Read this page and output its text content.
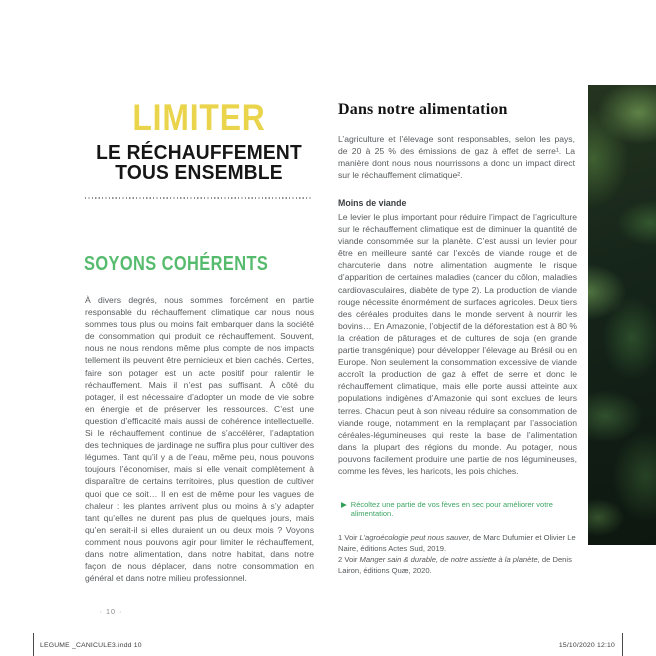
LIMITER
LE RÉCHAUFFEMENT
TOUS ENSEMBLE
SOYONS COHÉRENTS
À divers degrés, nous sommes forcément en partie responsable du réchauffement climatique car nous nous sommes tous plus ou moins fait embarquer dans la société de consommation qui produit ce réchauffement. Souvent, nous ne nous rendons même plus compte de nos impacts tellement ils peuvent être pernicieux et bien cachés. Certes, faire son potager est un acte positif pour ralentir le réchauffement. Mais il n’est pas suffisant. À côté du potager, il est nécessaire d’adopter un mode de vie sobre en énergie et de préserver les ressources. C’est une question d’efficacité mais aussi de cohérence intellectuelle. Si le réchauffement continue de s’accélérer, l’adaptation des techniques de jardinage ne suffira plus pour cultiver des légumes. Tant qu’il y a de l’eau, même peu, nous pouvons toujours l’économiser, mais si elle venait complètement à disparaître de certains territoires, plus question de cultiver quoi que ce soit… Il en est de même pour les vagues de chaleur : les plantes arrivent plus ou moins à s’y adapter tant qu’elles ne durent pas plus de quelques jours, mais qu’en serait-il si elles duraient un ou deux mois ? Voyons comment nous pouvons agir pour limiter le réchauffement, dans notre alimentation, dans notre habitat, dans notre façon de nous déplacer, dans notre consommation en général et dans notre milieu professionnel.
· 10 ·
Dans notre alimentation
L’agriculture et l’élevage sont responsables, selon les pays, de 20 à 25 % des émissions de gaz à effet de serre¹. La manière dont nous nous nourrissons a donc un impact direct sur le réchauffement climatique².
Moins de viande
Le levier le plus important pour réduire l’impact de l’agriculture sur le réchauffement climatique est de diminuer la quantité de viande consommée sur la planète. C’est aussi un levier pour être en meilleure santé car l’excès de viande rouge et de charcuterie dans notre alimentation augmente le risque d’apparition de certaines maladies (cancer du côlon, maladies cardiovasculaires, diabète de type 2). La production de viande rouge nécessite énormément de surfaces agricoles. Deux tiers des céréales produites dans le monde servent à nourrir les bovins… En Amazonie, l’objectif de la déforestation est à 80 % la création de pâturages et de cultures de soja (en grande partie transgénique) pour développer l’élevage au Brésil ou en Europe. Non seulement la consommation excessive de viande accroît la production de gaz à effet de serre et donc le réchauffement climatique, mais elle porte aussi atteinte aux populations indigènes d’Amazonie qui sont exclues de leurs terres. Chacun peut à son niveau réduire sa consommation de viande rouge, notamment en la remplaçant par l’association céréales-légumineuses qui reste la base de l’alimentation dans la plupart des régions du monde. Au potager, nous pouvons facilement produire une partie de nos légumineuses, comme les fèves, les haricots, les pois chiches.
▶ Récoltez une partie de vos fèves en sec pour améliorer votre alimentation.
1 Voir L’agroécologie peut nous sauver, de Marc Dufumier et Olivier Le Naire, éditions Actes Sud, 2019.
2 Voir Manger sain & durable, de notre assiette à la planète, de Denis Lairon, éditions Quæ, 2020.
LEGUME _CANICULE3.indd 10	15/10/2020 12:10
